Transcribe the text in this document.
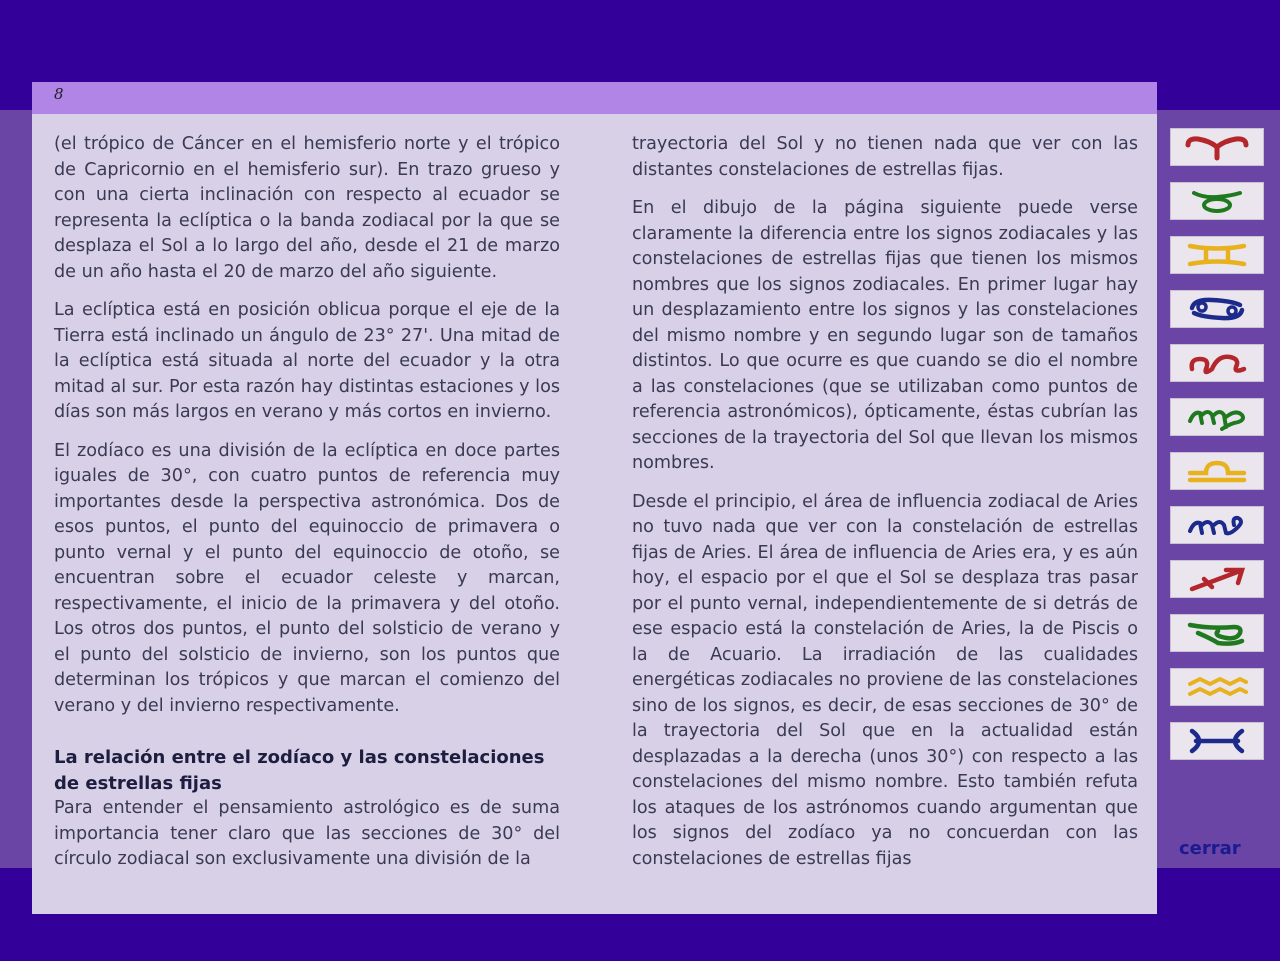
8

(el trópico de Cáncer en el hemisferio norte y el trópico de Capricornio en el hemisferio sur). En trazo grueso y con una cierta inclinación con respecto al ecuador se representa la eclíptica o la banda zodiacal por la que se desplaza el Sol a lo largo del año, desde el 21 de marzo de un año hasta el 20 de marzo del año siguiente.

La eclíptica está en posición oblicua porque el eje de la Tierra está inclinado un ángulo de 23° 27'. Una mitad de la eclíptica está situada al norte del ecuador y la otra mitad al sur. Por esta razón hay distintas estaciones y los días son más largos en verano y más cortos en invierno.

El zodíaco es una división de la eclíptica en doce partes iguales de 30°, con cuatro puntos de referencia muy importantes desde la perspectiva astronómica. Dos de esos puntos, el punto del equinoccio de primavera o punto vernal y el punto del equinoccio de otoño, se encuentran sobre el ecuador celeste y marcan, respectivamente, el inicio de la primavera y del otoño. Los otros dos puntos, el punto del solsticio de verano y el punto del solsticio de invierno, son los puntos que determinan los trópicos y que marcan el comienzo del verano y del invierno respectivamente.

La relación entre el zodíaco y las constelaciones de estrellas fijas

Para entender el pensamiento astrológico es de suma importancia tener claro que las secciones de 30° del círculo zodiacal son exclusivamente una división de la

trayectoria del Sol y no tienen nada que ver con las distantes constelaciones de estrellas fijas.

En el dibujo de la página siguiente puede verse claramente la diferencia entre los signos zodiacales y las constelaciones de estrellas fijas que tienen los mismos nombres que los signos zodiacales. En primer lugar hay un desplazamiento entre los signos y las constelaciones del mismo nombre y en segundo lugar son de tamaños distintos. Lo que ocurre es que cuando se dio el nombre a las constelaciones (que se utilizaban como puntos de referencia astronómicos), ópticamente, éstas cubrían las secciones de la trayectoria del Sol que llevan los mismos nombres.

Desde el principio, el área de influencia zodiacal de Aries no tuvo nada que ver con la constelación de estrellas fijas de Aries. El área de influencia de Aries era, y es aún hoy, el espacio por el que el Sol se desplaza tras pasar por el punto vernal, independientemente de si detrás de ese espacio está la constelación de Aries, la de Piscis o la de Acuario. La irradiación de las cualidades energéticas zodiacales no proviene de las constelaciones sino de los signos, es decir, de esas secciones de 30° de la trayectoria del Sol que en la actualidad están desplazadas a la derecha (unos 30°) con respecto a las constelaciones del mismo nombre. Esto también refuta los ataques de los astrónomos cuando argumentan que los signos del zodíaco ya no concuerdan con las constelaciones de estrellas fijas	cerrar
